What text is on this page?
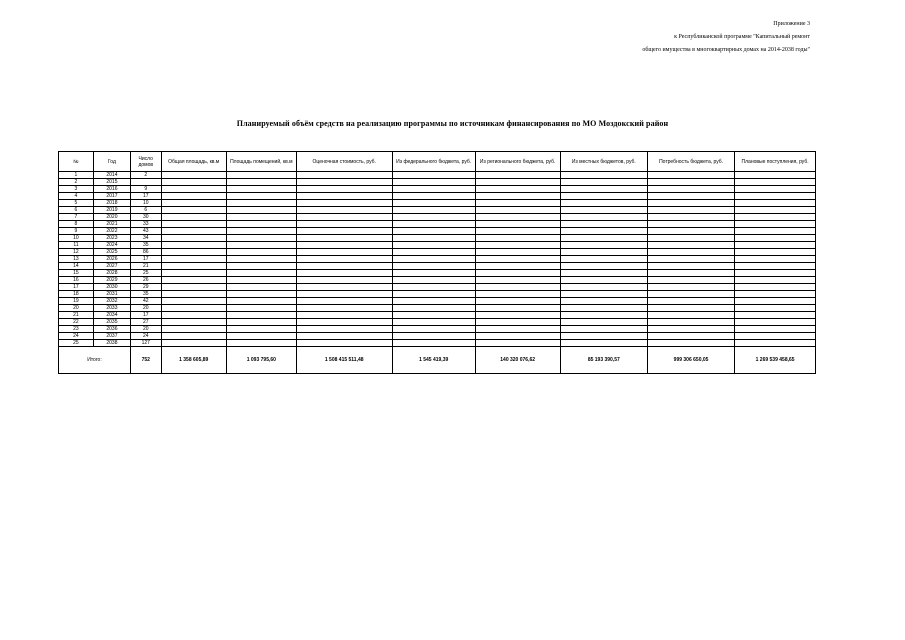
Приложение 3
к Республиканской программе "Капитальный ремонт
общего имущества в многоквартирных домах на 2014-2038 годы"
Планируемый объём средств на реализацию программы по источникам финансирования по МО Моздокский район
№	Год	Число домов	Общая площадь, кв.м	Площадь помещений, кв.м	Оценочная стоимость, руб.	Из федерального бюджета, руб.	Из регионального бюджета, руб.	Из местных бюджетов, руб.	Потребность бюджета, руб.	Плановые поступления, руб.
1	2014	2								
2	2015									
3	2016	9								
4	2017	17								
5	2018	10								
6	2019	6								
7	2020	30								
8	2021	33								
9	2022	43								
10	2023	34								
11	2024	35								
12	2025	86								
13	2026	17								
14	2027	21								
15	2028	25								
16	2029	26								
17	2030	29								
18	2031	35								
19	2032	42								
20	2033	20								
21	2034	17								
22	2035	27								
23	2036	20								
24	2037	24								
25	2038	127								
Итого:		752	1 358 605,89	1 093 795,60	1 508 415 511,48	1 545 419,39	140 320 076,62	85 193 390,57	999 306 650,05	1 269 539 458,65
